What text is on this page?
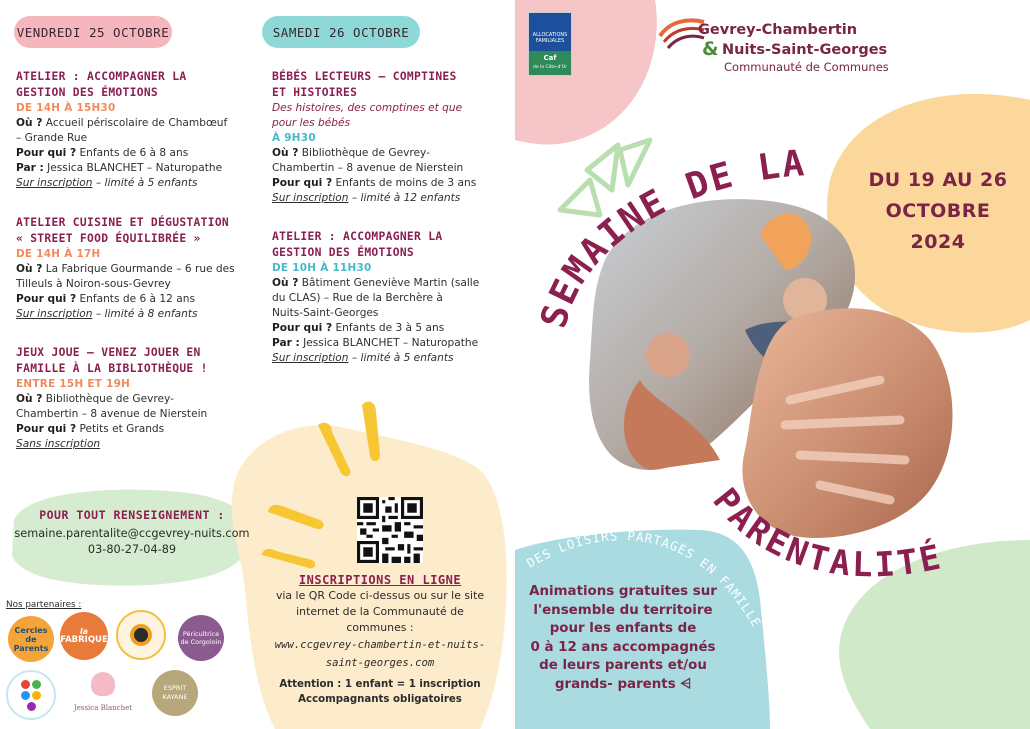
VENDREDI 25 OCTOBRE	SAMEDI 26 OCTOBRE
ATELIER : ACCOMPAGNER LA
GESTION DES ÉMOTIONS
DE 14H À 15H30
Où ? Accueil périscolaire de Chambœuf
– Grande Rue
Pour qui ? Enfants de 6 à 8 ans
Par : Jessica BLANCHET – Naturopathe
Sur inscription – limité à 5 enfants
ATELIER CUISINE ET DÉGUSTATION
« STREET FOOD ÉQUILIBRÉE »
DE 14H À 17H
Où ? La Fabrique Gourmande – 6 rue des
Tilleuls à Noiron-sous-Gevrey
Pour qui ? Enfants de 6 à 12 ans
Sur inscription – limité à 8 enfants
JEUX JOUE – VENEZ JOUER EN
FAMILLE À LA BIBLIOTHÈQUE !
ENTRE 15H ET 19H
Où ? Bibliothèque de Gevrey-
Chambertin – 8 avenue de Nierstein
Pour qui ? Petits et Grands
Sans inscription
BÉBÉS LECTEURS – COMPTINES
ET HISTOIRES
Des histoires, des comptines et que
pour les bébés
À 9H30
Où ? Bibliothèque de Gevrey-
Chambertin – 8 avenue de Nierstein
Pour qui ? Enfants de moins de 3 ans
Sur inscription – limité à 12 enfants
ATELIER : ACCOMPAGNER LA
GESTION DES ÉMOTIONS
DE 10H À 11H30
Où ? Bâtiment Geneviève Martin (salle
du CLAS) – Rue de la Berchère à
Nuits-Saint-Georges
Pour qui ? Enfants de 3 à 5 ans
Par : Jessica BLANCHET – Naturopathe
Sur inscription – limité à 5 enfants
POUR TOUT RENSEIGNEMENT :
semaine.parentalite@ccgevrey-nuits.com
03-80-27-04-89
Nos partenaires :
Cercles de Parents
la
FABRIQUE
Péricultrice de Corgoloin
Jessica Blanchet
ESPRIT KAYANE
INSCRIPTIONS EN LIGNE
via le QR Code ci-dessus ou sur le site
internet de la Communauté de
communes :
www.ccgevrey-chambertin-et-nuits-
saint-georges.com
Attention : 1 enfant = 1 inscription
Accompagnants obligatoires
ALLOCATIONS
FAMILIALES
Caf
de la Côte-d'Or
Gevrey-Chambertin
& Nuits-Saint-Georges
Communauté de Communes
SEMAINE DE LA
PARENTALITÉ
DES LOISIRS PARTAGÉS EN FAMILLE
DU 19 AU 26
OCTOBRE
2024
Animations gratuites sur
l'ensemble du territoire
pour les enfants de
0 à 12 ans accompagnés
de leurs parents et/ou
grands- parents ⩤
